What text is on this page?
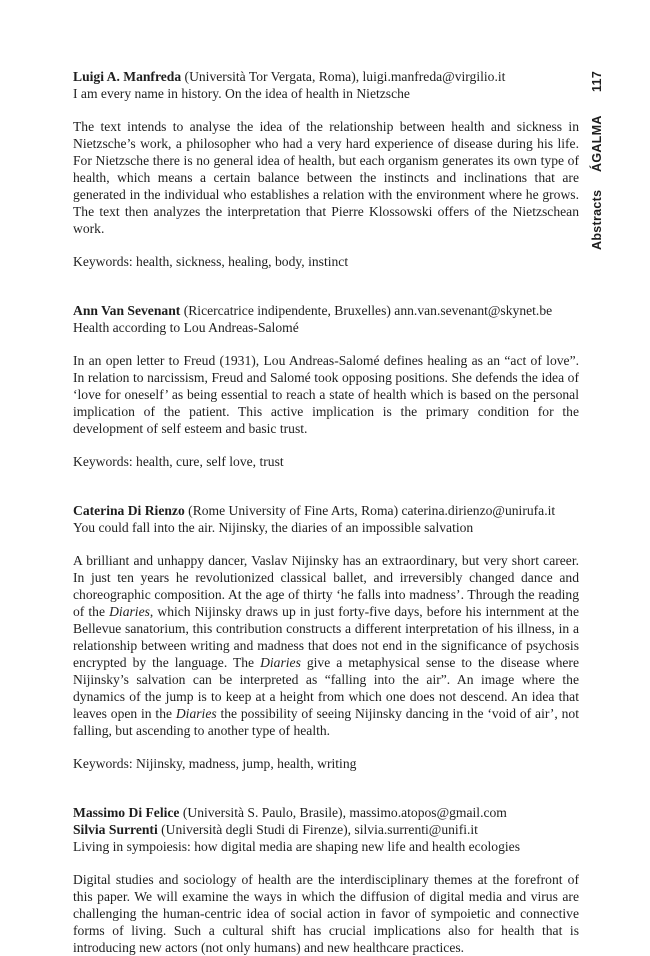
117
ÁGALMA
Abstracts

Luigi A. Manfreda (Università Tor Vergata, Roma), luigi.manfreda@virgilio.it

I am every name in history. On the idea of health in Nietzsche

The text intends to analyse the idea of the relationship between health and sickness in Nietzsche’s work, a philosopher who had a very hard experience of disease during his life. For Nietzsche there is no general idea of health, but each organism generates its own type of health, which means a certain balance between the instincts and inclinations that are generated in the individual who establishes a relation with the environment where he grows. The text then analyzes the interpretation that Pierre Klossowski offers of the Nietzschean work.

Keywords: health, sickness, healing, body, instinct

Ann Van Sevenant (Ricercatrice indipendente, Bruxelles) ann.van.sevenant@skynet.be

Health according to Lou Andreas-Salomé

In an open letter to Freud (1931), Lou Andreas-Salomé defines healing as an “act of love”. In relation to narcissism, Freud and Salomé took opposing positions. She defends the idea of ‘love for oneself’ as being essential to reach a state of health which is based on the personal implication of the patient. This active implication is the primary condition for the development of self esteem and basic trust.

Keywords: health, cure, self love, trust

Caterina Di Rienzo (Rome University of Fine Arts, Roma) caterina.dirienzo@unirufa.it

You could fall into the air. Nijinsky, the diaries of an impossible salvation

A brilliant and unhappy dancer, Vaslav Nijinsky has an extraordinary, but very short career. In just ten years he revolutionized classical ballet, and irreversibly changed dance and choreographic composition. At the age of thirty ‘he falls into madness’. Through the reading of the Diaries, which Nijinsky draws up in just forty-five days, before his internment at the Bellevue sanatorium, this contribution constructs a different interpretation of his illness, in a relationship between writing and madness that does not end in the significance of psychosis encrypted by the language. The Diaries give a metaphysical sense to the disease where Nijinsky’s salvation can be interpreted as “falling into the air”. An image where the dynamics of the jump is to keep at a height from which one does not descend. An idea that leaves open in the Diaries the possibility of seeing Nijinsky dancing in the ‘void of air’, not falling, but ascending to another type of health.

Keywords: Nijinsky, madness, jump, health, writing

Massimo Di Felice (Università S. Paulo, Brasile), massimo.atopos@gmail.com

Silvia Surrenti (Università degli Studi di Firenze), silvia.surrenti@unifi.it

Living in sympoiesis: how digital media are shaping new life and health ecologies

Digital studies and sociology of health are the interdisciplinary themes at the forefront of this paper. We will examine the ways in which the diffusion of digital media and virus are challenging the human-centric idea of social action in favor of sympoietic and connective forms of living. Such a cultural shift has crucial implications also for health that is introducing new actors (not only humans) and new healthcare practices.
